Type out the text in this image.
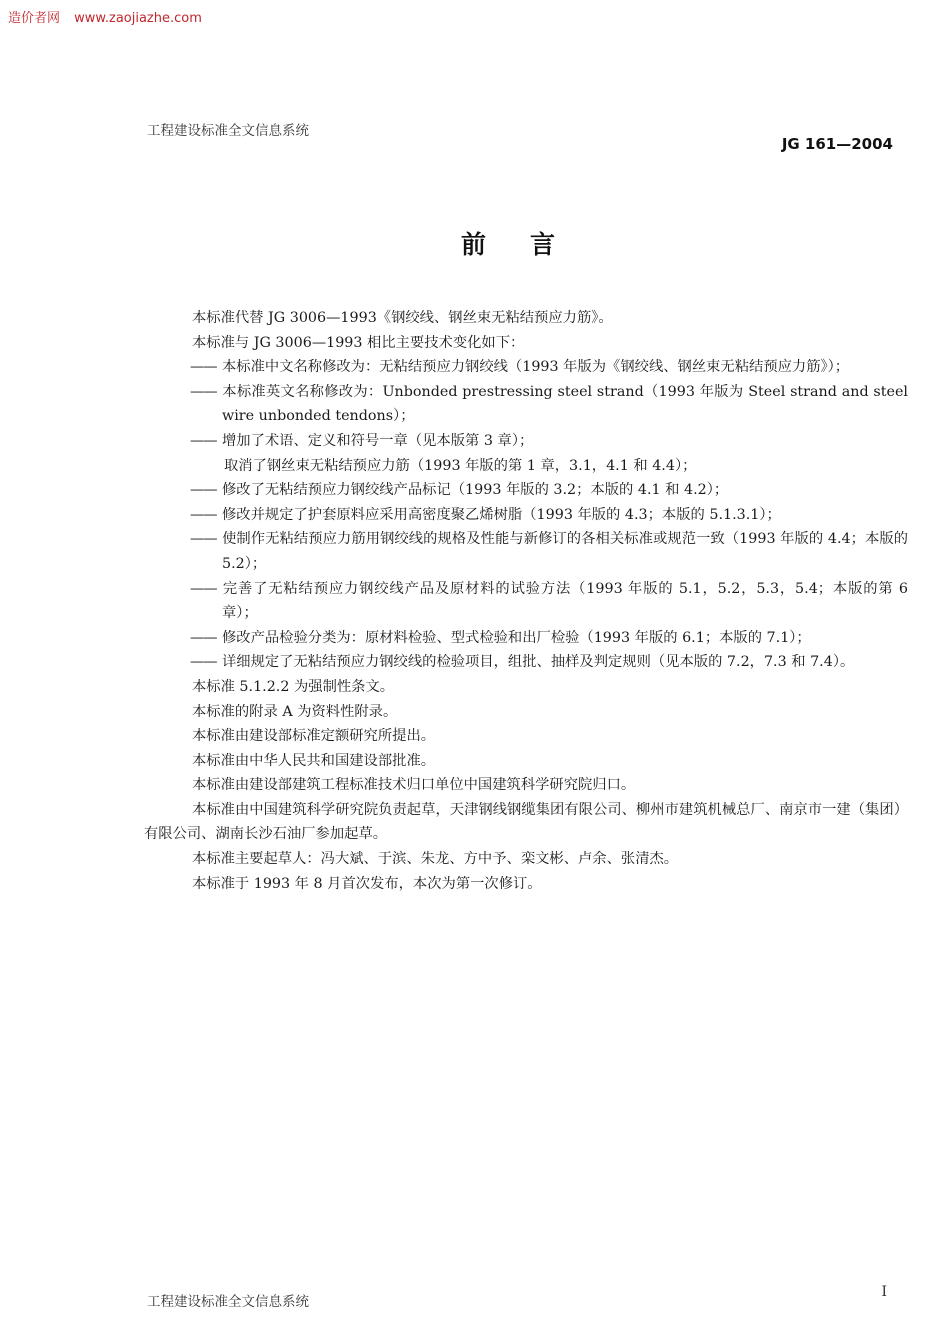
造价者网 www.zaojiazhe.com
工程建设标准全文信息系统
JG 161—2004
前言

本标准代替 JG 3006—1993《钢绞线、钢丝束无粘结预应力筋》。

本标准与 JG 3006—1993 相比主要技术变化如下：

—— 本标准中文名称修改为：无粘结预应力钢绞线（1993 年版为《钢绞线、钢丝束无粘结预应力筋》）；

—— 本标准英文名称修改为：Unbonded prestressing steel strand（1993 年版为 Steel strand and steel wire unbonded tendons）；

—— 增加了术语、定义和符号一章（见本版第 3 章）；

取消了钢丝束无粘结预应力筋（1993 年版的第 1 章，3.1，4.1 和 4.4）；

—— 修改了无粘结预应力钢绞线产品标记（1993 年版的 3.2；本版的 4.1 和 4.2）；

—— 修改并规定了护套原料应采用高密度聚乙烯树脂（1993 年版的 4.3；本版的 5.1.3.1）；

—— 使制作无粘结预应力筋用钢绞线的规格及性能与新修订的各相关标准或规范一致（1993 年版的 4.4；本版的 5.2）；

—— 完善了无粘结预应力钢绞线产品及原材料的试验方法（1993 年版的 5.1，5.2，5.3，5.4；本版的第 6 章）；

—— 修改产品检验分类为：原材料检验、型式检验和出厂检验（1993 年版的 6.1；本版的 7.1）；

—— 详细规定了无粘结预应力钢绞线的检验项目，组批、抽样及判定规则（见本版的 7.2，7.3 和 7.4）。

本标准 5.1.2.2 为强制性条文。

本标准的附录 A 为资料性附录。

本标准由建设部标准定额研究所提出。

本标准由中华人民共和国建设部批准。

本标准由建设部建筑工程标准技术归口单位中国建筑科学研究院归口。

本标准由中国建筑科学研究院负责起草，天津钢线钢缆集团有限公司、柳州市建筑机械总厂、南京市一建（集团）有限公司、湖南长沙石油厂参加起草。

本标准主要起草人：冯大斌、于滨、朱龙、方中予、栾文彬、卢余、张清杰。

本标准于 1993 年 8 月首次发布，本次为第一次修订。

工程建设标准全文信息系统
I
